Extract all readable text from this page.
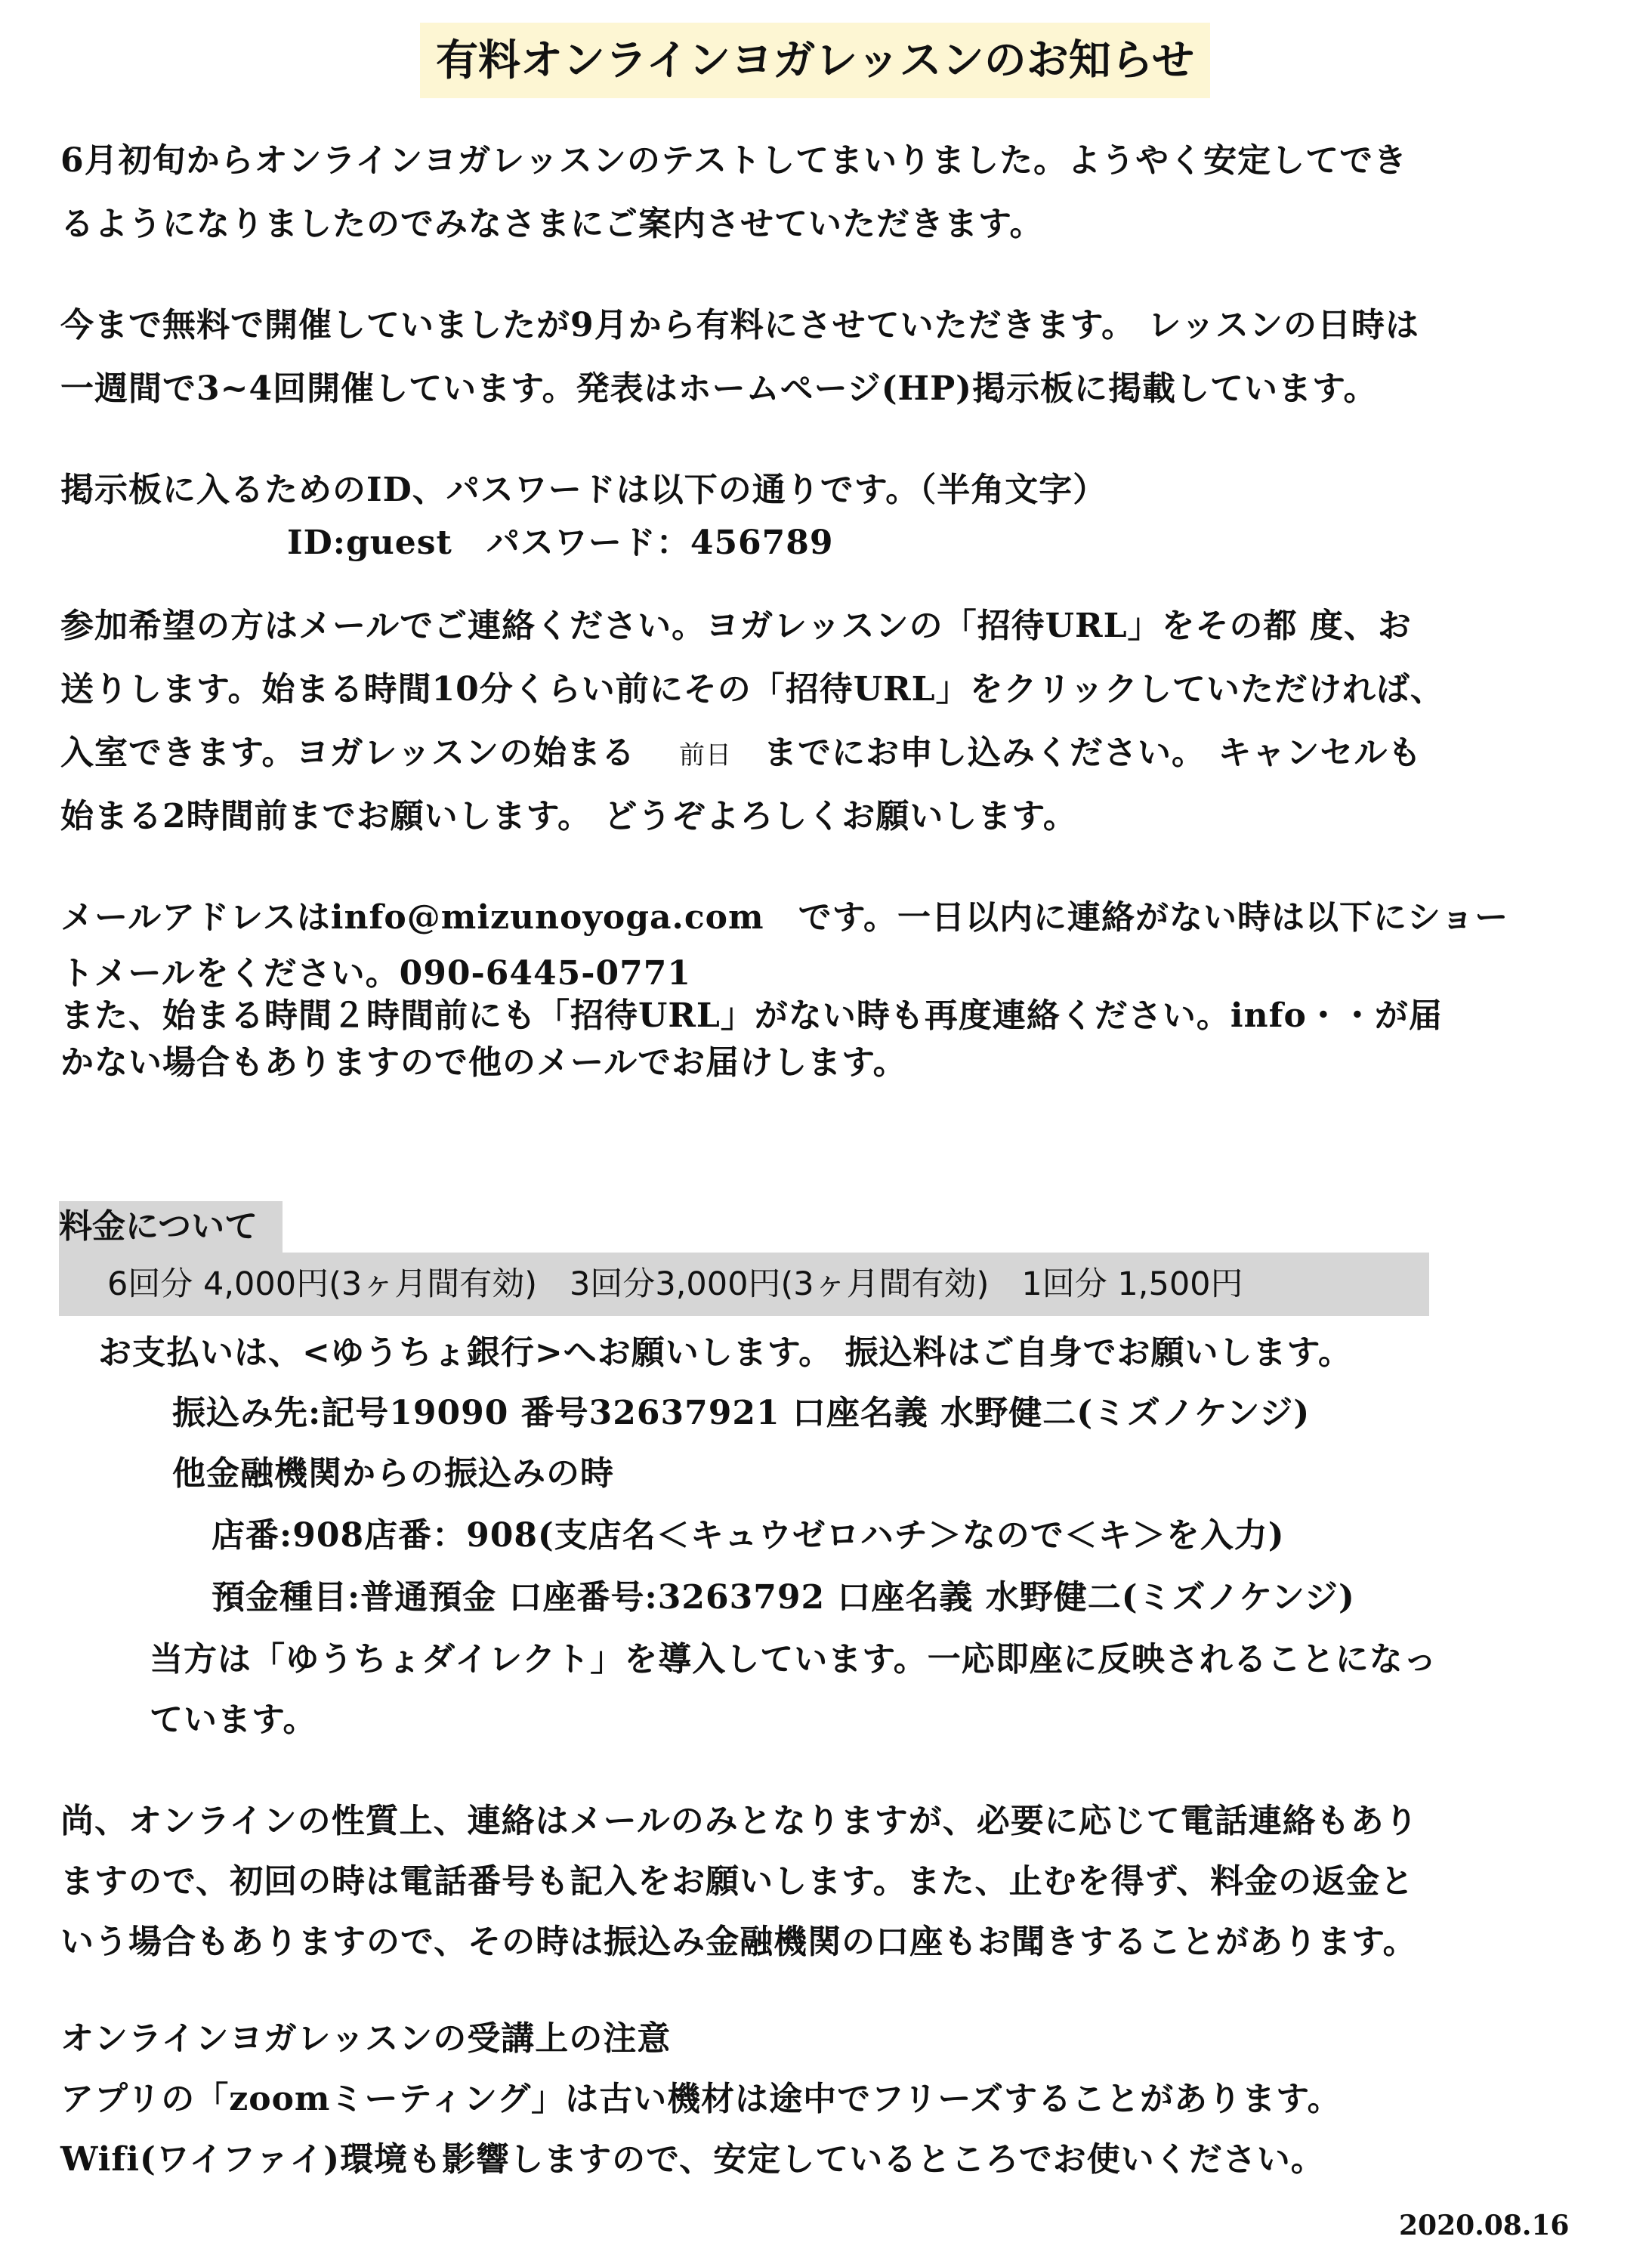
有料オンラインヨガレッスンのお知らせ
6月初旬からオンラインヨガレッスンのテストしてまいりました。ようやく安定してでき
るようになりましたのでみなさまにご案内させていただきます。
今まで無料で開催していましたが9月から有料にさせていただきます。 レッスンの日時は
一週間で3~4回開催しています。発表はホームページ(HP)掲示板に掲載しています。
掲示板に入るためのID、パスワードは以下の通りです。（半角文字）
ID:guest　パスワード：456789
参加希望の方はメールでご連絡ください。ヨガレッスンの「招待URL」をその都 度、お
送りします。始まる時間10分くらい前にその「招待URL」をクリックしていただければ、
入室できます。ヨガレッスンの始まる 前日 までにお申し込みください。 キャンセルも
始まる2時間前までお願いします。 どうぞよろしくお願いします。
メールアドレスはinfo@mizunoyoga.com　です。一日以内に連絡がない時は以下にショー
トメールをください。090-6445-0771
また、始まる時間２時間前にも「招待URL」がない時も再度連絡ください。info・・が届
かない場合もありますので他のメールでお届けします。
料金について
6回分 4,000円(3ヶ月間有効)　3回分3,000円(3ヶ月間有効)　1回分 1,500円
お支払いは、<ゆうちょ銀行>へお願いします。 振込料はご自身でお願いします。
振込み先:記号19090 番号32637921 口座名義 水野健二(ミズノケンジ)
他金融機関からの振込みの時
店番:908店番：908(支店名＜キュウゼロハチ＞なので＜キ＞を入力)
預金種目:普通預金 口座番号:3263792 口座名義 水野健二(ミズノケンジ)
当方は「ゆうちょダイレクト」を導入しています。一応即座に反映されることになっ
ています。
尚、オンラインの性質上、連絡はメールのみとなりますが、必要に応じて電話連絡もあり
ますので、初回の時は電話番号も記入をお願いします。また、止むを得ず、料金の返金と
いう場合もありますので、その時は振込み金融機関の口座もお聞きすることがあります。
オンラインヨガレッスンの受講上の注意
アプリの「zoomミーティング」は古い機材は途中でフリーズすることがあります。
Wifi(ワイファイ)環境も影響しますので、安定しているところでお使いください。
2020.08.16
